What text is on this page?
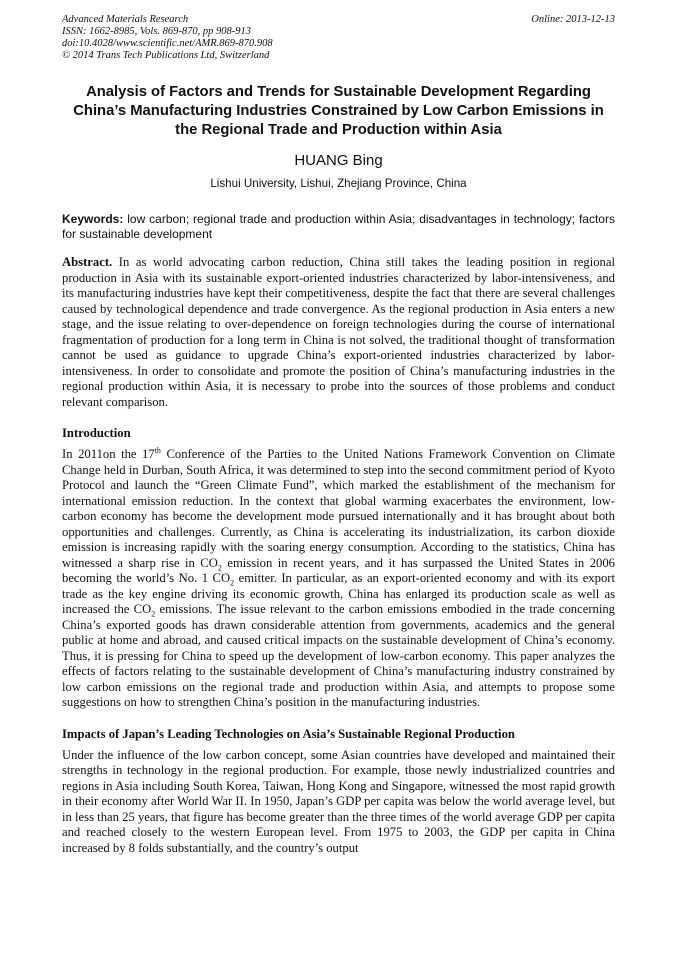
Advanced Materials Research
ISSN: 1662-8985, Vols. 869-870, pp 908-913
doi:10.4028/www.scientific.net/AMR.869-870.908
© 2014 Trans Tech Publications Ltd, Switzerland
Online: 2013-12-13
Analysis of Factors and Trends for Sustainable Development Regarding China’s Manufacturing Industries Constrained by Low Carbon Emissions in the Regional Trade and Production within Asia
HUANG Bing
Lishui University, Lishui, Zhejiang Province, China
Keywords: low carbon; regional trade and production within Asia; disadvantages in technology; factors for sustainable development
Abstract. In as world advocating carbon reduction, China still takes the leading position in regional production in Asia with its sustainable export-oriented industries characterized by labor-intensiveness, and its manufacturing industries have kept their competitiveness, despite the fact that there are several challenges caused by technological dependence and trade convergence. As the regional production in Asia enters a new stage, and the issue relating to over-dependence on foreign technologies during the course of international fragmentation of production for a long term in China is not solved, the traditional thought of transformation cannot be used as guidance to upgrade China’s export-oriented industries characterized by labor-intensiveness. In order to consolidate and promote the position of China’s manufacturing industries in the regional production within Asia, it is necessary to probe into the sources of those problems and conduct relevant comparison.
Introduction

In 2011on the 17th Conference of the Parties to the United Nations Framework Convention on Climate Change held in Durban, South Africa, it was determined to step into the second commitment period of Kyoto Protocol and launch the “Green Climate Fund”, which marked the establishment of the mechanism for international emission reduction. In the context that global warming exacerbates the environment, low-carbon economy has become the development mode pursued internationally and it has brought about both opportunities and challenges. Currently, as China is accelerating its industrialization, its carbon dioxide emission is increasing rapidly with the soaring energy consumption. According to the statistics, China has witnessed a sharp rise in $CO_2$ emission in recent years, and it has surpassed the United States in 2006 becoming the world’s No. 1 $CO_2$ emitter. In particular, as an export-oriented economy and with its export trade as the key engine driving its economic growth, China has enlarged its production scale as well as increased the $CO_2$ emissions. The issue relevant to the carbon emissions embodied in the trade concerning China’s exported goods has drawn considerable attention from governments, academics and the general public at home and abroad, and caused critical impacts on the sustainable development of China’s economy. Thus, it is pressing for China to speed up the development of low-carbon economy. This paper analyzes the effects of factors relating to the sustainable development of China’s manufacturing industry constrained by low carbon emissions on the regional trade and production within Asia, and attempts to propose some suggestions on how to strengthen China’s position in the manufacturing industries.

Impacts of Japan’s Leading Technologies on Asia’s Sustainable Regional Production

Under the influence of the low carbon concept, some Asian countries have developed and maintained their strengths in technology in the regional production. For example, those newly industrialized countries and regions in Asia including South Korea, Taiwan, Hong Kong and Singapore, witnessed the most rapid growth in their economy after World War II. In 1950, Japan’s GDP per capita was below the world average level, but in less than 25 years, that figure has become greater than the three times of the world average GDP per capita and reached closely to the western European level. From 1975 to 2003, the GDP per capita in China increased by 8 folds substantially, and the country’s output
